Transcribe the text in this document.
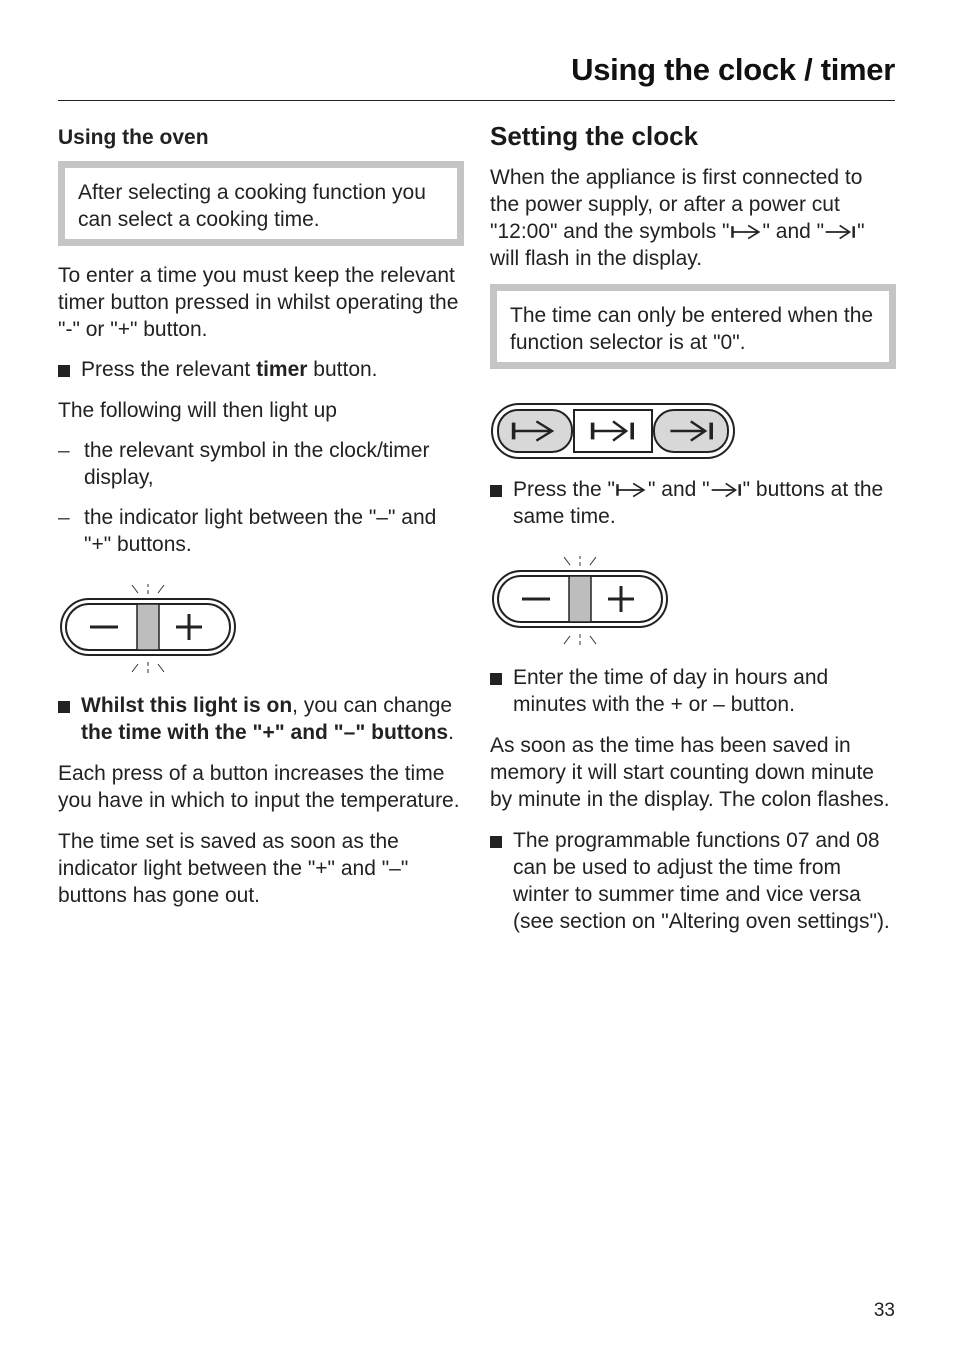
Using the clock / timer

Using the oven

After selecting a cooking function you can select a cooking time.

To enter a time you must keep the relevant timer button pressed in whilst operating the "-" or "+" button.

Press the relevant timer button.

The following will then light up

– the relevant symbol in the clock/timer display,

– the indicator light between the "–" and "+" buttons.

Whilst this light is on, you can change the time with the "+" and "–" buttons.

Each press of a button increases the time you have in which to input the temperature.

The time set is saved as soon as the indicator light between the "+" and "–" buttons has gone out.

Setting the clock

When the appliance is first connected to the power supply, or after a power cut "12:00" and the symbols " " and " " will flash in the display.

The time can only be entered when the function selector is at "0".

Press the " " and " " buttons at the same time.

Enter the time of day in hours and minutes with the + or – button.

As soon as the time has been saved in memory it will start counting down minute by minute in the display. The colon flashes.

The programmable functions 07 and 08 can be used to adjust the time from winter to summer time and vice versa (see section on "Altering oven settings").

33
